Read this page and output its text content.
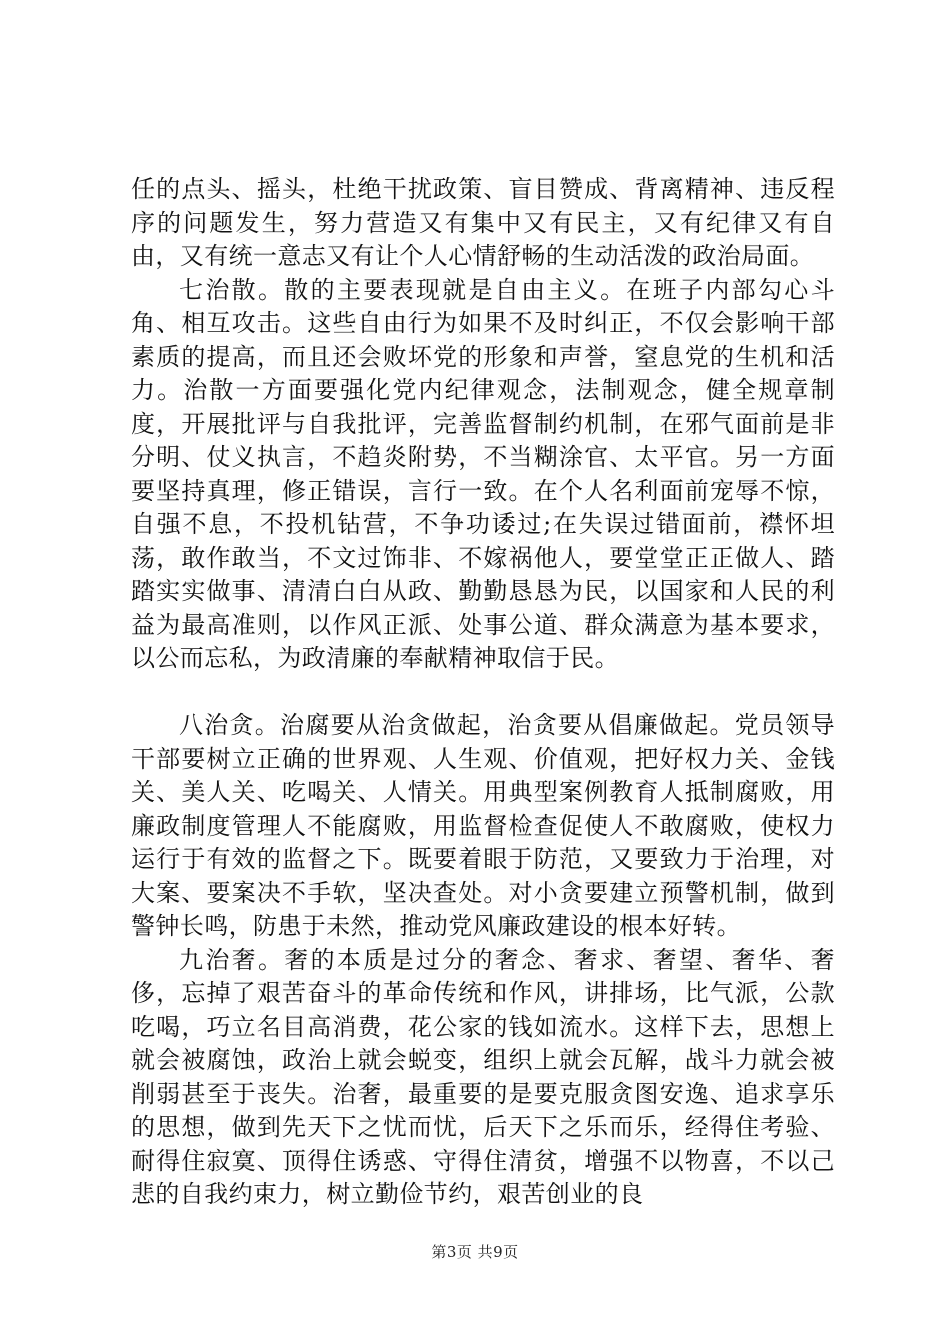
任的点头、摇头，杜绝干扰政策、盲目赞成、背离精神、违反程序的问题发生，努力营造又有集中又有民主，又有纪律又有自由，又有统一意志又有让个人心情舒畅的生动活泼的政治局面。

七治散。散的主要表现就是自由主义。在班子内部勾心斗角、相互攻击。这些自由行为如果不及时纠正，不仅会影响干部素质的提高，而且还会败坏党的形象和声誉，窒息党的生机和活力。治散一方面要强化党内纪律观念，法制观念，健全规章制度，开展批评与自我批评，完善监督制约机制，在邪气面前是非分明、仗义执言，不趋炎附势，不当糊涂官、太平官。另一方面要坚持真理，修正错误，言行一致。在个人名利面前宠辱不惊，自强不息，不投机钻营，不争功诿过;在失误过错面前，襟怀坦荡，敢作敢当，不文过饰非、不嫁祸他人，要堂堂正正做人、踏踏实实做事、清清白白从政、勤勤恳恳为民，以国家和人民的利益为最高准则，以作风正派、处事公道、群众满意为基本要求，以公而忘私，为政清廉的奉献精神取信于民。

八治贪。治腐要从治贪做起，治贪要从倡廉做起。党员领导干部要树立正确的世界观、人生观、价值观，把好权力关、金钱关、美人关、吃喝关、人情关。用典型案例教育人抵制腐败，用廉政制度管理人不能腐败，用监督检查促使人不敢腐败，使权力运行于有效的监督之下。既要着眼于防范，又要致力于治理，对大案、要案决不手软，坚决查处。对小贪要建立预警机制，做到警钟长鸣，防患于未然，推动党风廉政建设的根本好转。

九治奢。奢的本质是过分的奢念、奢求、奢望、奢华、奢侈，忘掉了艰苦奋斗的革命传统和作风，讲排场，比气派，公款吃喝，巧立名目高消费，花公家的钱如流水。这样下去，思想上就会被腐蚀，政治上就会蜕变，组织上就会瓦解，战斗力就会被削弱甚至于丧失。治奢，最重要的是要克服贪图安逸、追求享乐的思想，做到先天下之忧而忧，后天下之乐而乐，经得住考验、耐得住寂寞、顶得住诱惑、守得住清贫，增强不以物喜，不以己悲的自我约束力，树立勤俭节约，艰苦创业的良

第3页 共9页
